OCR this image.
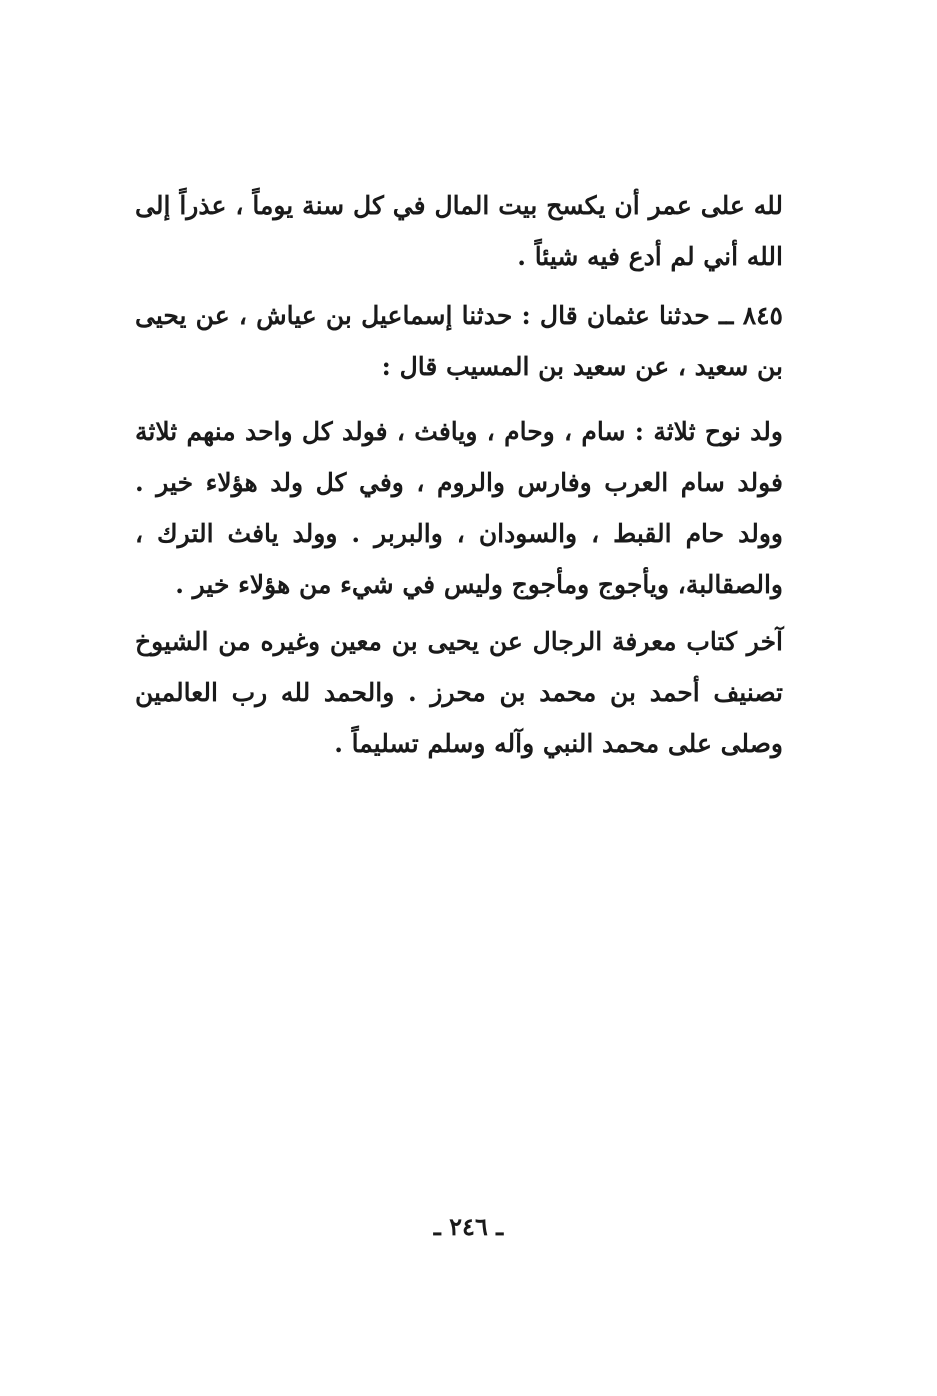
لله على عمر أن يكسح بيت المال في كل سنة يوماً ، عذراً إلى الله أني لم أدع فيه شيئاً .

٨٤٥ ــ حدثنا عثمان قال : حدثنا إسماعيل بن عياش ، عن يحيى بن سعيد ، عن سعيد بن المسيب قال :

ولد نوح ثلاثة : سام ، وحام ، ويافث ، فولد كل واحد منهم ثلاثة فولد سام العرب وفارس والروم ، وفي كل ولد هؤلاء خير . وولد حام القبط ، والسودان ، والبربر . وولد يافث الترك ، والصقالبة، ويأجوج ومأجوج وليس في شيء من هؤلاء خير .

آخر كتاب معرفة الرجال عن يحيى بن معين وغيره من الشيوخ تصنيف أحمد بن محمد بن محرز . والحمد لله رب العالمين وصلى على محمد النبي وآله وسلم تسليماً .

ـ ٢٤٦ ـ
